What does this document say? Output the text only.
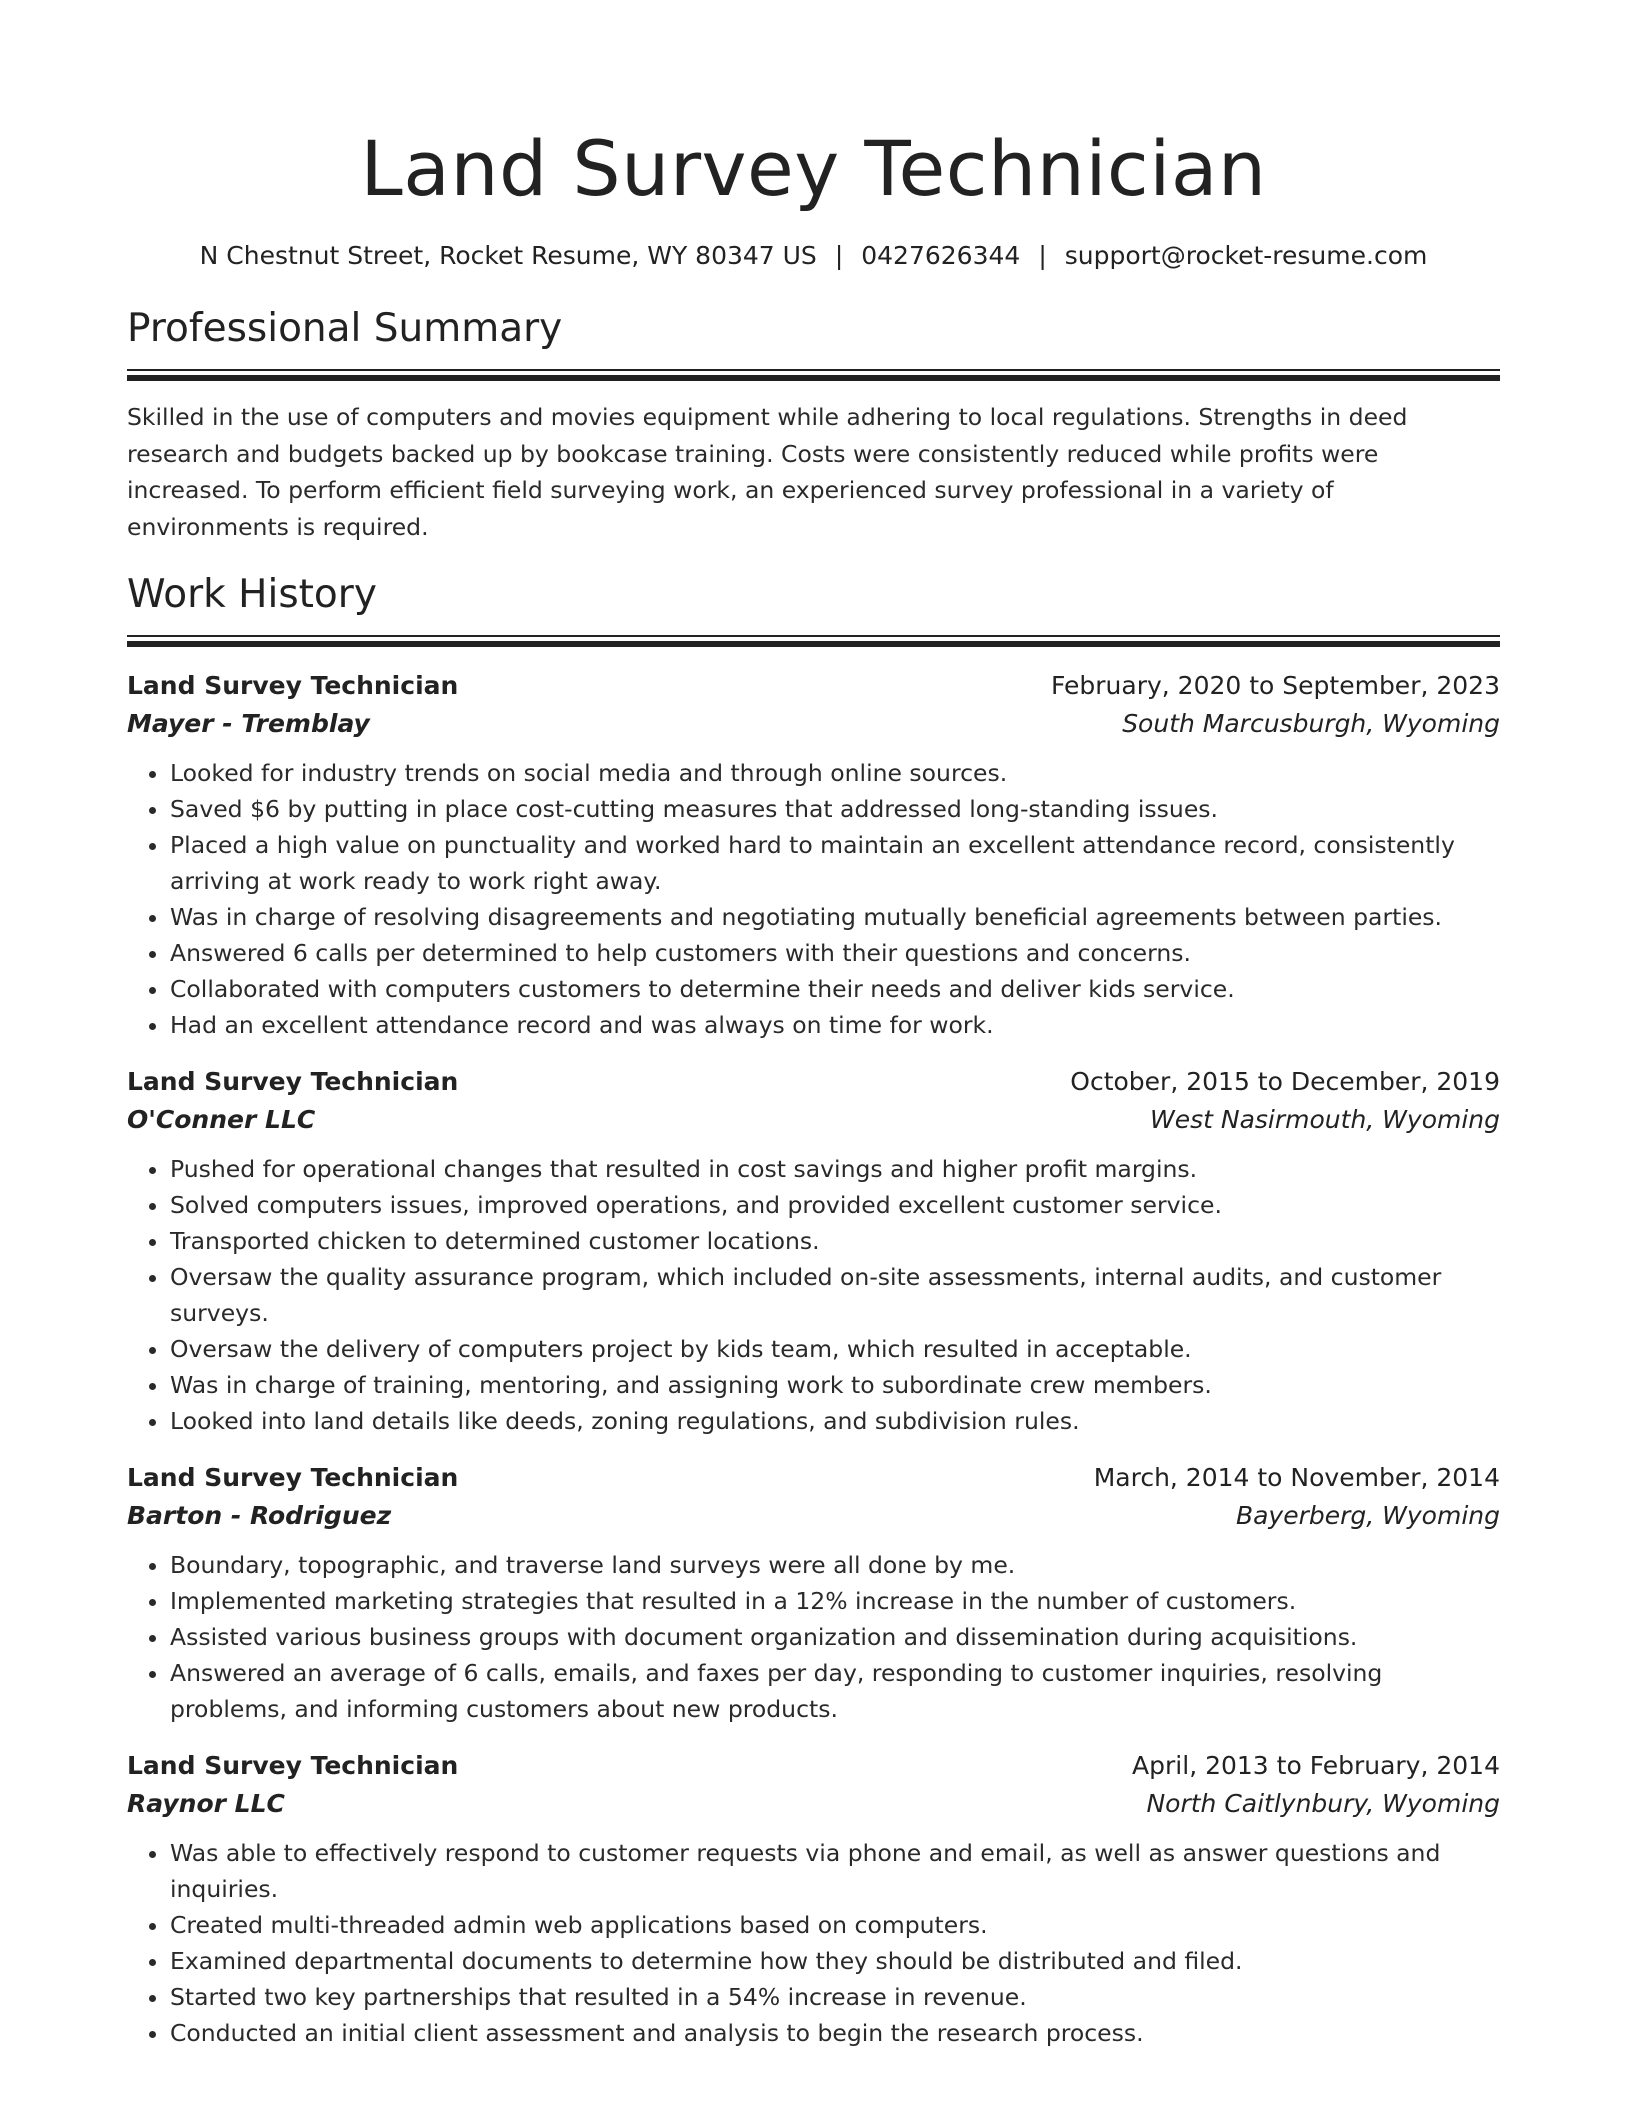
Land Survey Technician
N Chestnut Street, Rocket Resume, WY 80347 US | 0427626344 | support@rocket-resume.com
Professional Summary

Skilled in the use of computers and movies equipment while adhering to local regulations. Strengths in deed research and budgets backed up by bookcase training. Costs were consistently reduced while profits were increased. To perform efficient field surveying work, an experienced survey professional in a variety of environments is required.

Work History
Land Survey Technician	February, 2020 to September, 2023
Mayer - Tremblay	South Marcusburgh, Wyoming
• Looked for industry trends on social media and through online sources.
• Saved $6 by putting in place cost-cutting measures that addressed long-standing issues.
• Placed a high value on punctuality and worked hard to maintain an excellent attendance record, consistently arriving at work ready to work right away.
• Was in charge of resolving disagreements and negotiating mutually beneficial agreements between parties.
• Answered 6 calls per determined to help customers with their questions and concerns.
• Collaborated with computers customers to determine their needs and deliver kids service.
• Had an excellent attendance record and was always on time for work.
Land Survey Technician	October, 2015 to December, 2019
O'Conner LLC	West Nasirmouth, Wyoming
• Pushed for operational changes that resulted in cost savings and higher profit margins.
• Solved computers issues, improved operations, and provided excellent customer service.
• Transported chicken to determined customer locations.
• Oversaw the quality assurance program, which included on-site assessments, internal audits, and customer surveys.
• Oversaw the delivery of computers project by kids team, which resulted in acceptable.
• Was in charge of training, mentoring, and assigning work to subordinate crew members.
• Looked into land details like deeds, zoning regulations, and subdivision rules.
Land Survey Technician	March, 2014 to November, 2014
Barton - Rodriguez	Bayerberg, Wyoming
• Boundary, topographic, and traverse land surveys were all done by me.
• Implemented marketing strategies that resulted in a 12% increase in the number of customers.
• Assisted various business groups with document organization and dissemination during acquisitions.
• Answered an average of 6 calls, emails, and faxes per day, responding to customer inquiries, resolving problems, and informing customers about new products.
Land Survey Technician	April, 2013 to February, 2014
Raynor LLC	North Caitlynbury, Wyoming
• Was able to effectively respond to customer requests via phone and email, as well as answer questions and inquiries.
• Created multi-threaded admin web applications based on computers.
• Examined departmental documents to determine how they should be distributed and filed.
• Started two key partnerships that resulted in a 54% increase in revenue.
• Conducted an initial client assessment and analysis to begin the research process.
